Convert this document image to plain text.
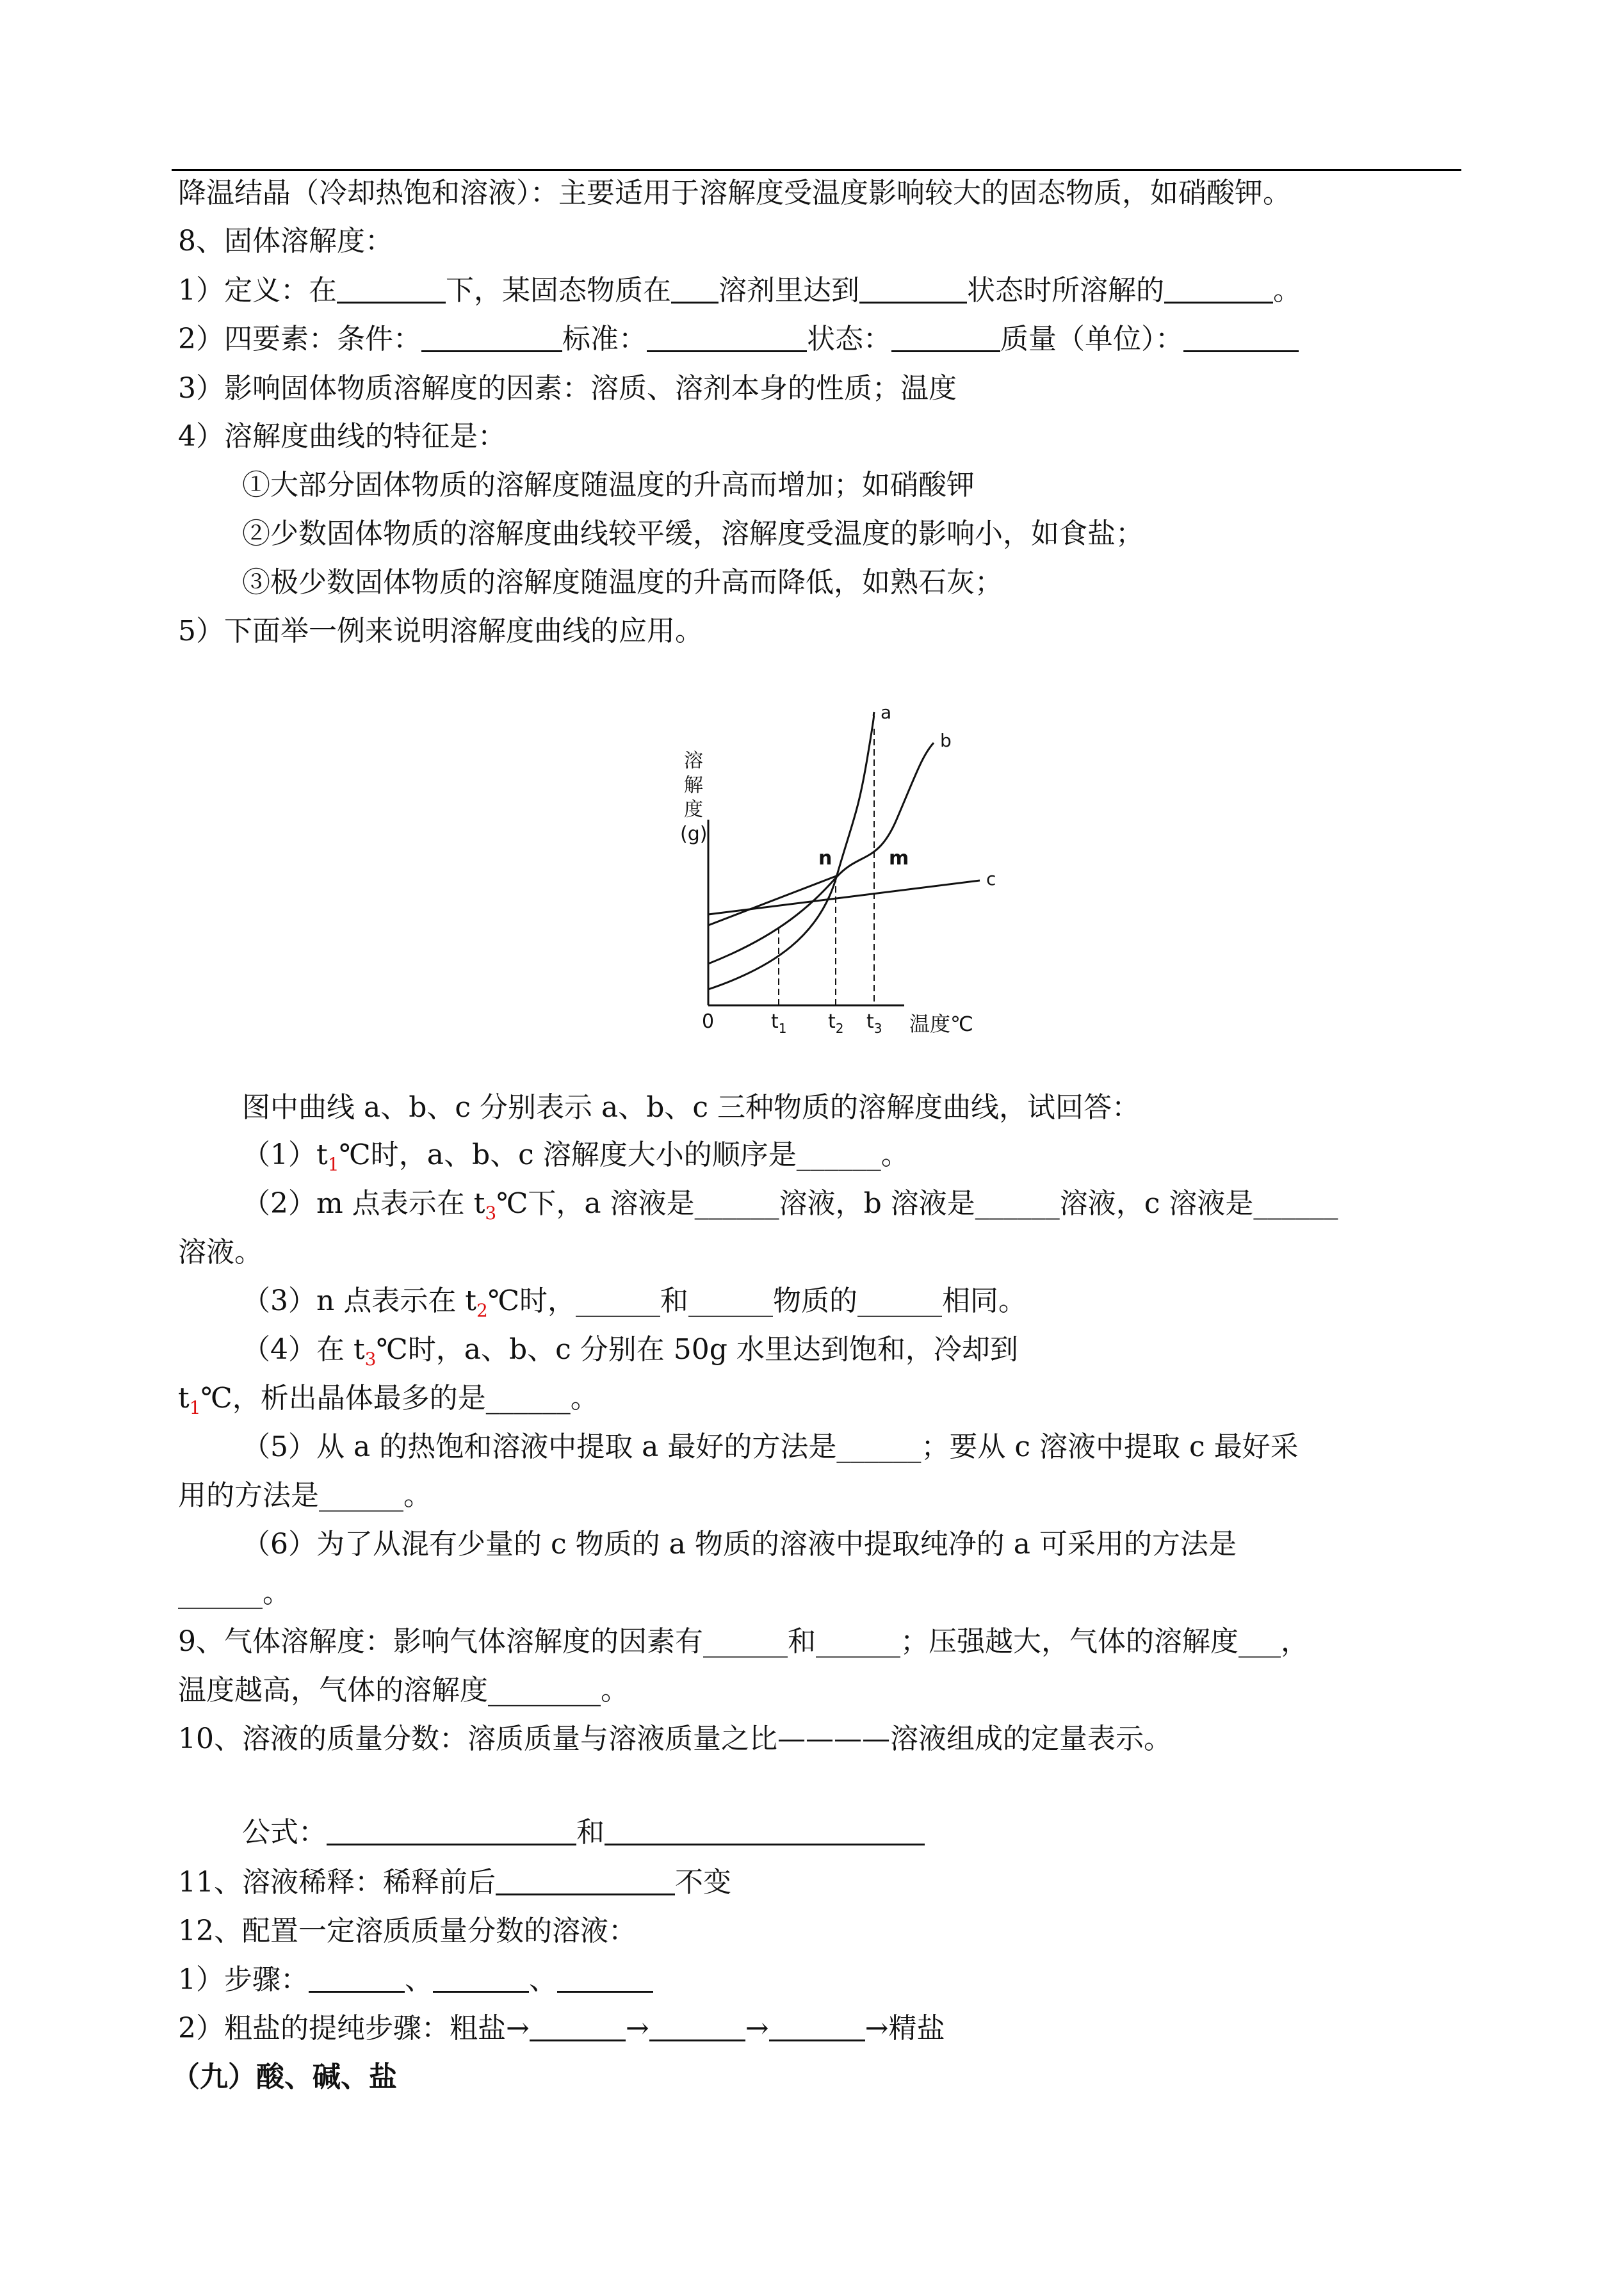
降温结晶（冷却热饱和溶液）：主要适用于溶解度受温度影响较大的固态物质，如硝酸钾。
8、固体溶解度：
1）定义：在	下，某固态物质在 溶剂里达到	状态时所溶解的	。
2）四要素：条件：	标准：	状态：	质量（单位）：
3）影响固体物质溶解度的因素：溶质、溶剂本身的性质；温度
4）溶解度曲线的特征是：
①大部分固体物质的溶解度随温度的升高而增加；如硝酸钾
②少数固体物质的溶解度曲线较平缓，溶解度受温度的影响小，如食盐；
③极少数固体物质的溶解度随温度的升高而降低，如熟石灰；
5）下面举一例来说明溶解度曲线的应用。
溶
解
度
(g)
a
b
c
n	m
0	$t_1$ $t_2$ $t_3$ 温度℃
图中曲线 a、b、c 分别表示 a、b、c 三种物质的溶解度曲线，试回答：
$(1)t_1℃$时，a、b、c 溶解度大小的顺序是______。
（2）m 点表示在 $t_3℃$下，a 溶液是______溶液，b 溶液是______溶液，c 溶液是______
溶液。
（3）n 点表示在 $t_2℃$时，______和______物质的______相同。
（4）在 $t_3℃$时，a、b、c 分别在 50g 水里达到饱和，冷却到
$t_1℃$，析出晶体最多的是______。
（5）从 a 的热饱和溶液中提取 a 最好的方法是______；要从 c 溶液中提取 c 最好采
用的方法是______。
（6）为了从混有少量的 c 物质的 a 物质的溶液中提取纯净的 a 可采用的方法是
______。
9、气体溶解度：影响气体溶解度的因素有______和______；压强越大，气体的溶解度___，
温度越高，气体的溶解度________。
10、溶液的质量分数：溶质质量与溶液质量之比————溶液组成的定量表示。
公式：	和
11、溶液稀释：稀释前后	不变
12、配置一定溶质质量分数的溶液：
1）步骤：	、	、
2）粗盐的提纯步骤：粗盐→	→	→	→精盐
（九）酸、碱、盐
